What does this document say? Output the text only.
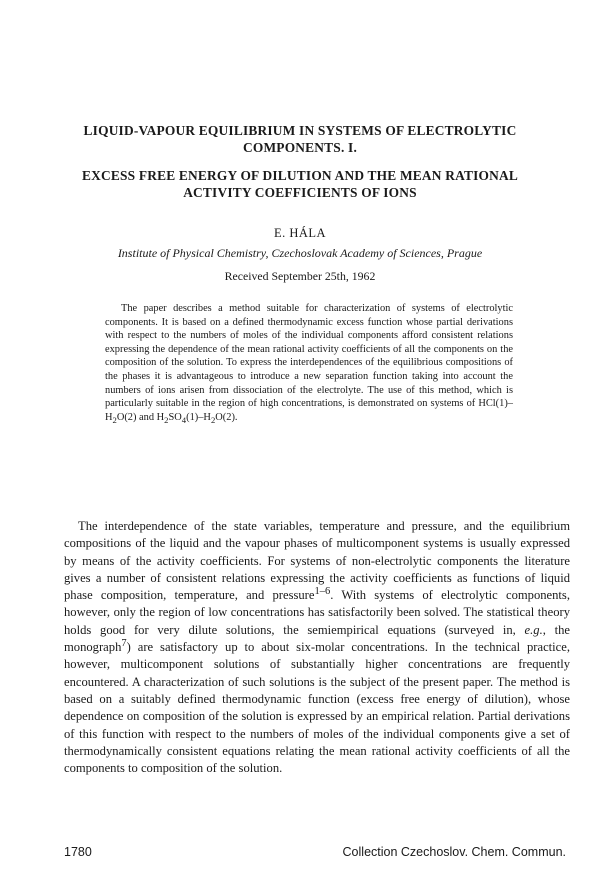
LIQUID-VAPOUR EQUILIBRIUM IN SYSTEMS OF ELECTROLYTIC COMPONENTS. I.
EXCESS FREE ENERGY OF DILUTION AND THE MEAN RATIONAL ACTIVITY COEFFICIENTS OF IONS
E. HÁLA
Institute of Physical Chemistry, Czechoslovak Academy of Sciences, Prague
Received September 25th, 1962

The paper describes a method suitable for characterization of systems of electrolytic components. It is based on a defined thermodynamic excess function whose partial derivations with respect to the numbers of moles of the individual components afford consistent relations expressing the dependence of the mean rational activity coefficients of all the components on the composition of the solution. To express the interdependences of the equilibrious compositions of the phases it is advantageous to introduce a new separation function taking into account the numbers of ions arisen from dissociation of the electrolyte. The use of this method, which is particularly suitable in the region of high concentrations, is demonstrated on systems of $HCl(1)-H_2O(2)$ and $H_2SO_4(1)-H_2O(2)$.

The interdependence of the state variables, temperature and pressure, and the equilibrium compositions of the liquid and the vapour phases of multicomponent systems is usually expressed by means of the activity coefficients. For systems of non-electrolytic components the literature gives a number of consistent relations expressing the activity coefficients as functions of liquid phase composition, temperature, and pressure$^{1-6}$. With systems of electrolytic components, however, only the region of low concentrations has satisfactorily been solved. The statistical theory holds good for very dilute solutions, the semiempirical equations (surveyed in, e.g., the monograph$^7$) are satisfactory up to about six-molar concentrations. In the technical practice, however, multicomponent solutions of substantially higher concentrations are frequently encountered. A characterization of such solutions is the subject of the present paper. The method is based on a suitably defined thermodynamic function (excess free energy of dilution), whose dependence on composition of the solution is expressed by an empirical relation. Partial derivations of this function with respect to the numbers of moles of the individual components give a set of thermodynamically consistent equations relating the mean rational activity coefficients of all the components to composition of the solution.

1780	Collection Czechoslov. Chem. Commun.
